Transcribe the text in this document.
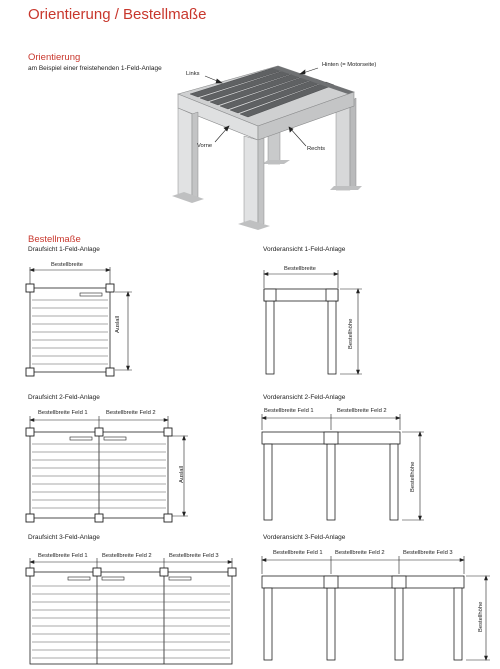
Orientierung / Bestellmaße
Orientierung
am Beispiel einer freistehenden 1-Feld-Anlage
Links
Hinten (= Motorseite)
Vorne	Rechts
Bestellmaße
Draufsicht 1-Feld-Anlage	Vorderansicht 1-Feld-Anlage
Bestellbreite
Auslall
Bestellbreite
Bestellhöhe
Draufsicht 2-Feld-Anlage	Vorderansicht 2-Feld-Anlage
Bestellbreite Feld 1	Bestellbreite Feld 2
Auslall
Bestellbreite Feld 1	Bestellbreite Feld 2
Bestellhöhe
Draufsicht 3-Feld-Anlage	Vorderansicht 3-Feld-Anlage
Bestellbreite Feld 1 Bestellbreite Feld 2	Bestellbreite Feld 3	Bestellbreite Feld 1 Bestellbreite Feld 2	Bestellbreite Feld 3
Bestellhöhe
